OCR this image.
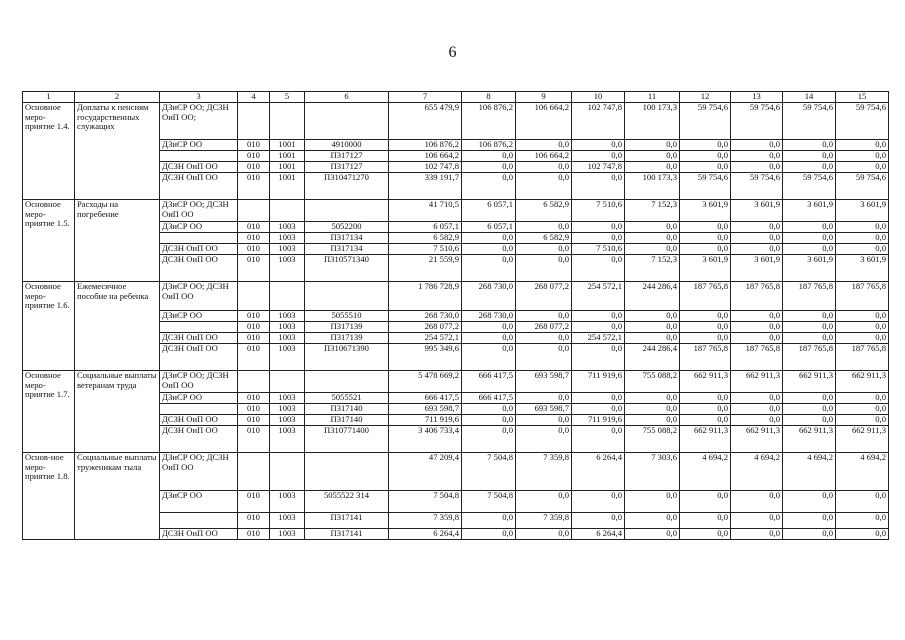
6
1	2	3	4	5	6	7	8	9	10	11	12	13	14	15
Основное меро-приятие 1.4.	Доплаты к пенсиям государственных служащих	ДЗиСР ОО; ДСЗН ОиП ОО;				655 479,9	106 876,2	106 664,2	102 747,8	100 173,3	59 754,6	59 754,6	59 754,6	59 754,6
		ДЗиСР ОО	010	1001	4910000	106 876,2	106 876,2	0,0	0,0	0,0	0,0	0,0	0,0	0,0
			010	1001	П317127	106 664,2	0,0	106 664,2	0,0	0,0	0,0	0,0	0,0	0,0
		ДСЗН ОиП ОО	010	1001	П317127	102 747,8	0,0	0,0	102 747,8	0,0	0,0	0,0	0,0	0,0
		ДСЗН ОиП ОО	010	1001	П310471270	339 191,7	0,0	0,0	0,0	100 173,3	59 754,6	59 754,6	59 754,6	59 754,6
Основное меро-приятие 1.5.	Расходы на погребение	ДЗиСР ОО; ДСЗН ОиП ОО				41 710,5	6 057,1	6 582,9	7 510,6	7 152,3	3 601,9	3 601,9	3 601,9	3 601,9
		ДЗиСР ОО	010	1003	5052200	6 057,1	6 057,1	0,0	0,0	0,0	0,0	0,0	0,0	0,0
			010	1003	П317134	6 582,9	0,0	6 582,9	0,0	0,0	0,0	0,0	0,0	0,0
		ДСЗН ОиП ОО	010	1003	П317134	7 510,6	0,0	0,0	7 510,6	0,0	0,0	0,0	0,0	0,0
		ДСЗН ОиП ОО	010	1003	П310571340	21 559,9	0,0	0,0	0,0	7 152,3	3 601,9	3 601,9	3 601,9	3 601,9
Основное меро-приятие 1.6.	Ежемесячное пособие на ребенка	ДЗиСР ОО; ДСЗН ОиП ОО				1 786 728,9	268 730,0	268 077,2	254 572,1	244 286,4	187 765,8	187 765,8	187 765,8	187 765,8
		ДЗиСР ОО	010	1003	5055510	268 730,0	268 730,0	0,0	0,0	0,0	0,0	0,0	0,0	0,0
			010	1003	П317139	268 077,2	0,0	268 077,2	0,0	0,0	0,0	0,0	0,0	0,0
		ДСЗН ОиП ОО	010	1003	П317139	254 572,1	0,0	0,0	254 572,1	0,0	0,0	0,0	0,0	0,0
		ДСЗН ОиП ОО	010	1003	П310671390	995 349,6	0,0	0,0	0,0	244 286,4	187 765,8	187 765,8	187 765,8	187 765,8
Основное меро-приятие 1.7.	Социальные выплаты ветеранам труда	ДЗиСР ОО; ДСЗН ОиП ОО				5 478 669,2	666 417,5	693 598,7	711 919,6	755 088,2	662 911,3	662 911,3	662 911,3	662 911,3
		ДЗиСР ОО	010	1003	5055521	666 417,5	666 417,5	0,0	0,0	0,0	0,0	0,0	0,0	0,0
			010	1003	П317140	693 598,7	0,0	693 598,7	0,0	0,0	0,0	0,0	0,0	0,0
		ДСЗН ОиП ОО	010	1003	П317140	711 919,6	0,0	0,0	711 919,6	0,0	0,0	0,0	0,0	0,0
		ДСЗН ОиП ОО	010	1003	П310771400	3 406 733,4	0,0	0,0	0,0	755 088,2	662 911,3	662 911,3	662 911,3	662 911,3
Основ-ное меро-приятие 1.8.	Социальные выплаты труженикам тыла	ДЗиСР ОО; ДСЗН ОиП ОО				47 209,4	7 504,8	7 359,8	6 264,4	7 303,6	4 694,2	4 694,2	4 694,2	4 694,2
		ДЗиСР ОО	010	1003	5055522 314	7 504,8	7 504,8	0,0	0,0	0,0	0,0	0,0	0,0	0,0
			010	1003	П317141	7 359,8	0,0	7 359,8	0,0	0,0	0,0	0,0	0,0	0,0
		ДСЗН ОиП ОО	010	1003	П317141	6 264,4	0,0	0,0	6 264,4	0,0	0,0	0,0	0,0	0,0
